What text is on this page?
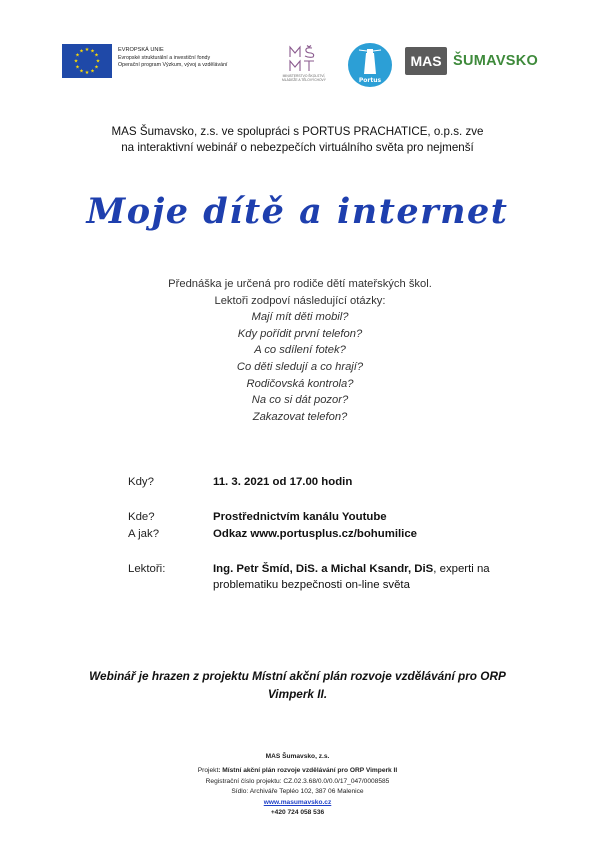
★ ★
★
★
★
★
★
★
★
★
★
★	EVROPSKÁ UNIE
Evropské strukturální a investiční fondy
Operační program Výzkum, vývoj a vzdělávání
MINISTERSTVO ŠKOLSTVÍ,
MLÁDEŽE A TĚLOVÝCHOVY	Portus
MAS ŠUMAVSKO
MAS Šumavsko, z.s. ve spolupráci s PORTUS PRACHATICE, o.p.s. zve
na interaktivní webinář o nebezpečích virtuálního světa pro nejmenší
Moje dítě a internet
Přednáška je určená pro rodiče dětí mateřských škol.
Lektoři zodpoví následující otázky:
Mají mít děti mobil?
Kdy pořídit první telefon?
A co sdílení fotek?
Co děti sledují a co hrají?
Rodičovská kontrola?
Na co si dát pozor?
Zakazovat telefon?
Kdy?	11. 3. 2021 od 17.00 hodin
Kde?	Prostřednictvím kanálu Youtube
A jak?	Odkaz www.portusplus.cz/bohumilice
Lektoři:	Ing. Petr Šmíd, DiS. a Michal Ksandr, DiS, experti na
problematiku bezpečnosti on-line světa
Webinář je hrazen z projektu Místní akční plán rozvoje vzdělávání pro ORP
Vimperk II.
MAS Šumavsko, z.s.
Projekt: Místní akční plán rozvoje vzdělávání pro ORP Vimperk II
Registrační číslo projektu: CZ.02.3.68/0.0/0.0/17_047/0008585
Sídlo: Archiváře Tepléo 102, 387 06 Malenice
www.masumavsko.cz
+420 724 058 536
